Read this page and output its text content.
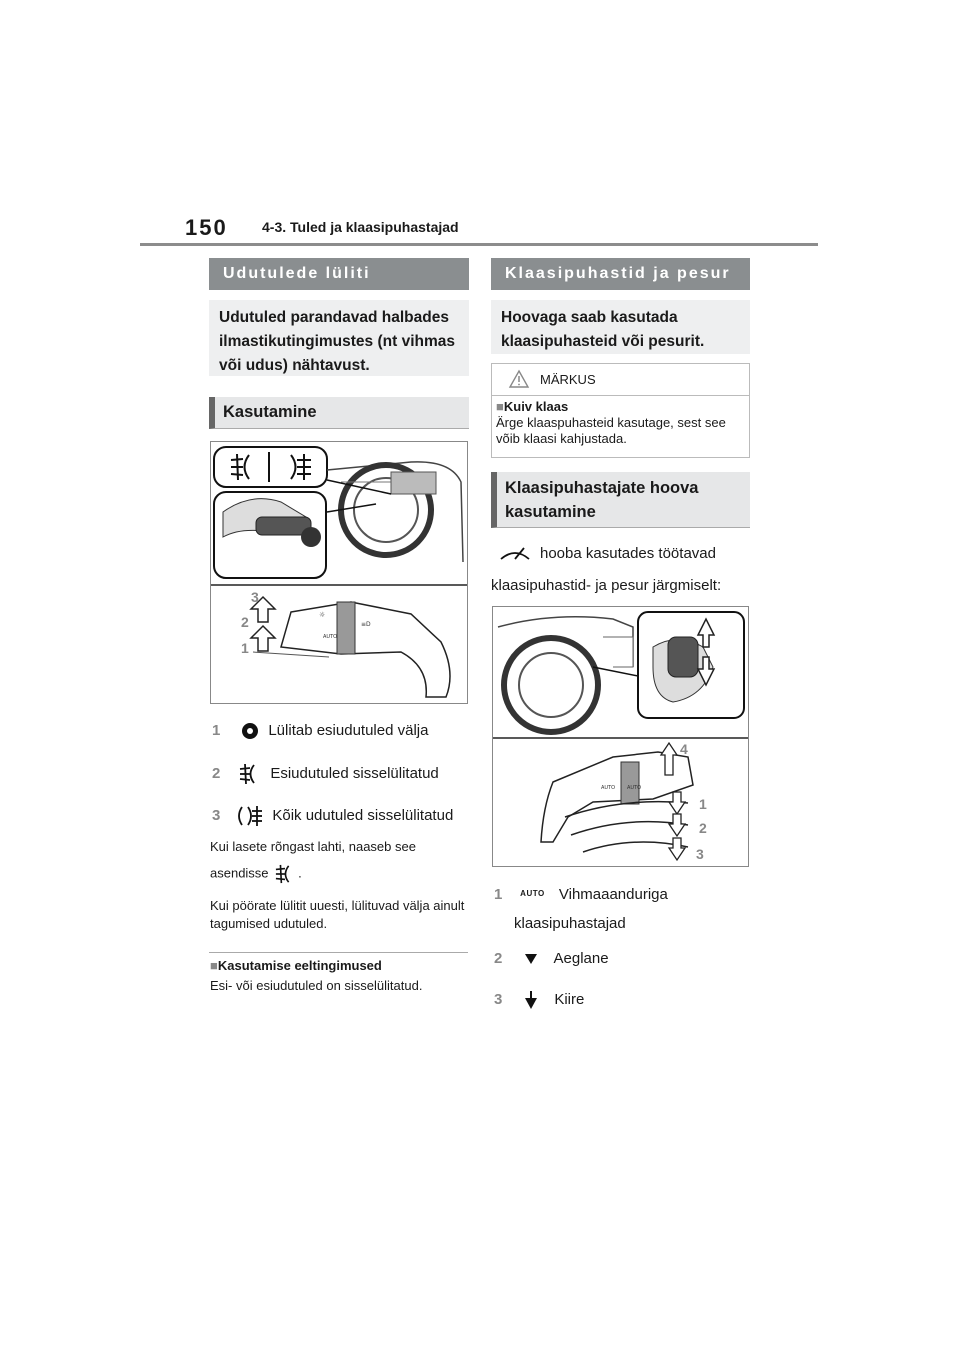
150 4-3. Tuled ja klaasipuhastajad
Udutulede lüliti
Udutuled parandavad halbades ilmastikutingimustes (nt vihmas või udus) nähtavust.
Kasutamine
☼
≡D
AUTO
3
2
1
1	Lülitab esiudutuled välja
2	Esiudutuled sisselülitatud
3	Kõik udutuled sisselülitatud
Kui lasete rõngast lahti, naaseb see
asendisse .
Kui pöörate lülitit uuesti, lülituvad välja ainult tagumised udutuled.
■Kasutamise eeltingimused
Esi- või esiudutuled on sisselülitatud.
Klaasipuhastid ja pesur
Hoovaga saab kasutada klaasipuhasteid või pesurit.
MÄRKUS
■Kuiv klaas
Ärge klaaspuhasteid kasutage, sest see võib klaasi kahjustada.
Klaasipuhastajate hoova kasutamine
hooba kasutades töötavad
klaasipuhastid- ja pesur järgmiselt:
AUTO AUTO
4
1
2
3
1 $^{AUTO}$ Vihmaaanduriga
klaasipuhastajad
2	Aeglane
3	Kiire
